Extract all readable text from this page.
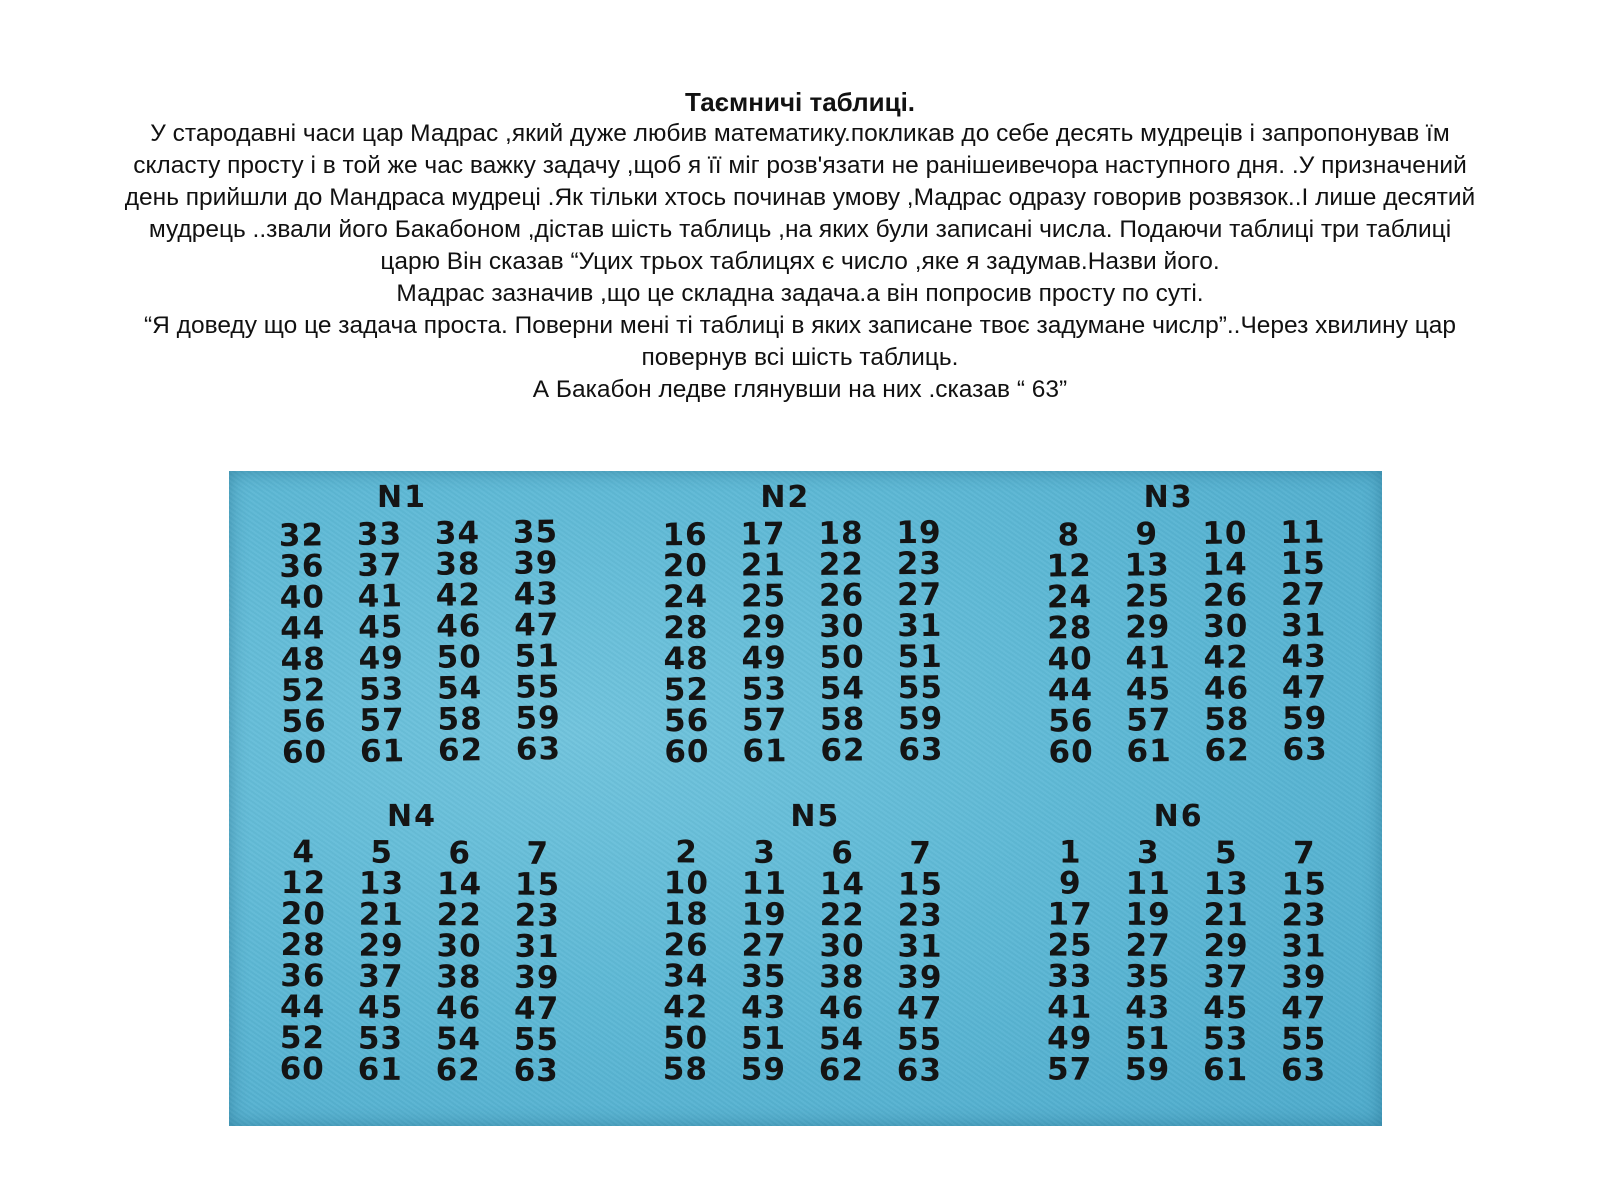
Таємничі таблиці.

У стародавні часи цар Мадрас ,який дуже любив математику.покликав до себе десять мудреців і запропонував їм

скласту просту і в той же час важку задачу ,щоб я її міг розв'язати не ранішеивечора наступного дня. .У призначений

день прийшли до Мандраса мудреці .Як тільки хтось починав умову ,Мадрас одразу говорив розвязок..І лише десятий

мудрець ..звали його Бакабоном ,дістав шість таблиць ,на яких були записані числа. Подаючи таблиці три таблиці

царю Він сказав “Уцих трьох таблицях є число ,яке я задумав.Назви його.

Мадрас зазначив ,що це складна задача.а він попросив просту по суті.

“Я доведу що це задача проста. Поверни мені ті таблиці в яких записане твоє задумане числр”..Через хвилину цар

повернув всі шість таблиць.

А Бакабон ледве глянувши на них .сказав “ 63”

N1
32	33	34	35
36	37	38	39
40	41	42	43
44	45	46	47
48	49	50	51
52	53	54	55
56	57	58	59
60	61	62	63
N2
16	17	18	19
20	21	22	23
24	25	26	27
28	29	30	31
48	49	50	51
52	53	54	55
56	57	58	59
60	61	62	63
N3
8	9	10	11
12	13	14	15
24	25	26	27
28	29	30	31
40	41	42	43
44	45	46	47
56	57	58	59
60	61	62	63
N4
4	5	6	7
12	13	14	15
20	21	22	23
28	29	30	31
36	37	38	39
44	45	46	47
52	53	54	55
60	61	62	63
N5
2	3	6	7
10	11	14	15
18	19	22	23
26	27	30	31
34	35	38	39
42	43	46	47
50	51	54	55
58	59	62	63
N6
1	3	5	7
9	11	13	15
17	19	21	23
25	27	29	31
33	35	37	39
41	43	45	47
49	51	53	55
57	59	61	63
